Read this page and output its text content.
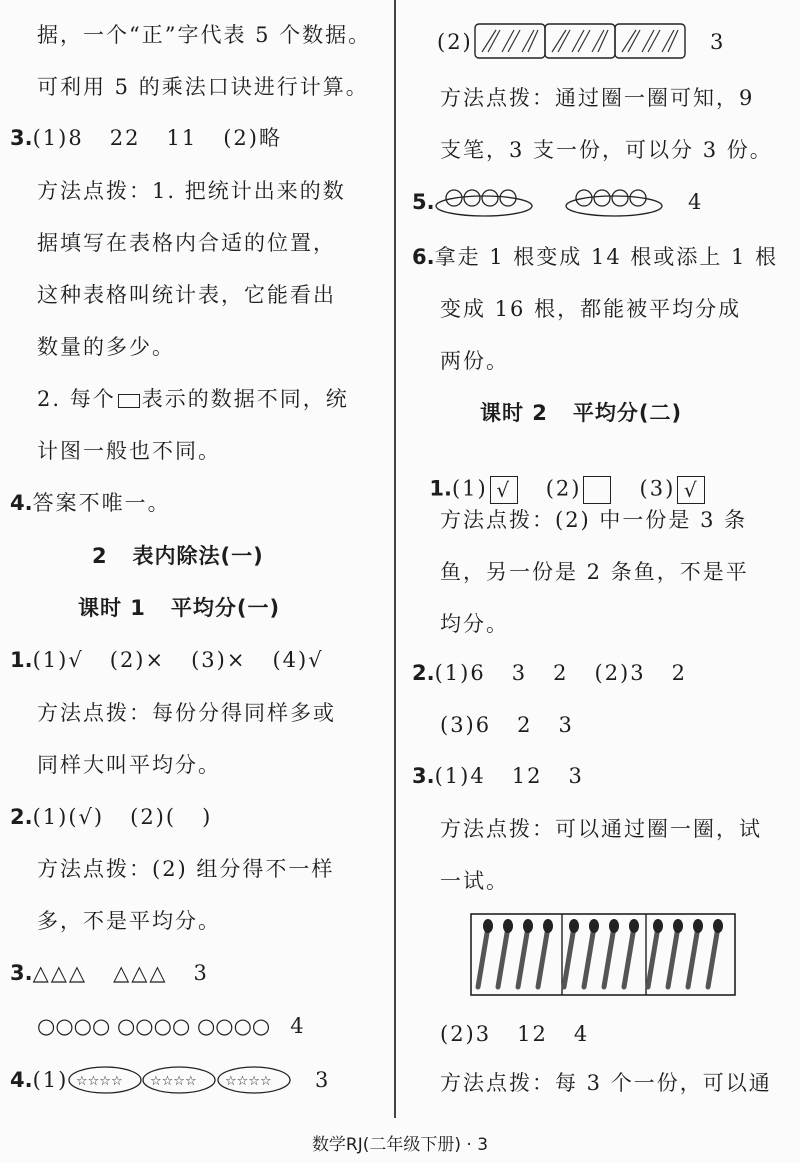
据，一个“正”字代表 5 个数据。
可利用 5 的乘法口诀进行计算。
3.(1)8   22   11   (2)略
方法点拨：1. 把统计出来的数
据填写在表格内合适的位置，
这种表格叫统计表，它能看出
数量的多少。
2. 每个 表示的数据不同，统
计图一般也不同。
4.答案不唯一。
2   表内除法(一)
课时 1   平均分(一)
1.(1)√   (2)×   (3)×   (4)√
方法点拨：每份分得同样多或
同样大叫平均分。
2.(1)(√)   (2)(   )
方法点拨：(2) 组分得不一样
多，不是平均分。
3.△△△   △△△   3
○○○○ ○○○○ ○○○○   4
4.(1) ☆☆☆☆ ☆☆☆☆ ☆☆☆☆ 3
(2)	3
方法点拨：通过圈一圈可知，9
支笔，3 支一份，可以分 3 份。
5.	4
6.拿走 1 根变成 14 根或添上 1 根
变成 16 根，都能被平均分成
两份。
课时 2   平均分(二)

1.(1) √ (2)	(3) √

方法点拨：(2) 中一份是 3 条
鱼，另一份是 2 条鱼，不是平
均分。
2.(1)6   3   2   (2)3   2
(3)6   2   3
3.(1)4   12   3
方法点拨：可以通过圈一圈，试
一试。
(2)3   12   4
方法点拨：每 3 个一份，可以通
数学RJ(二年级下册) · 3
